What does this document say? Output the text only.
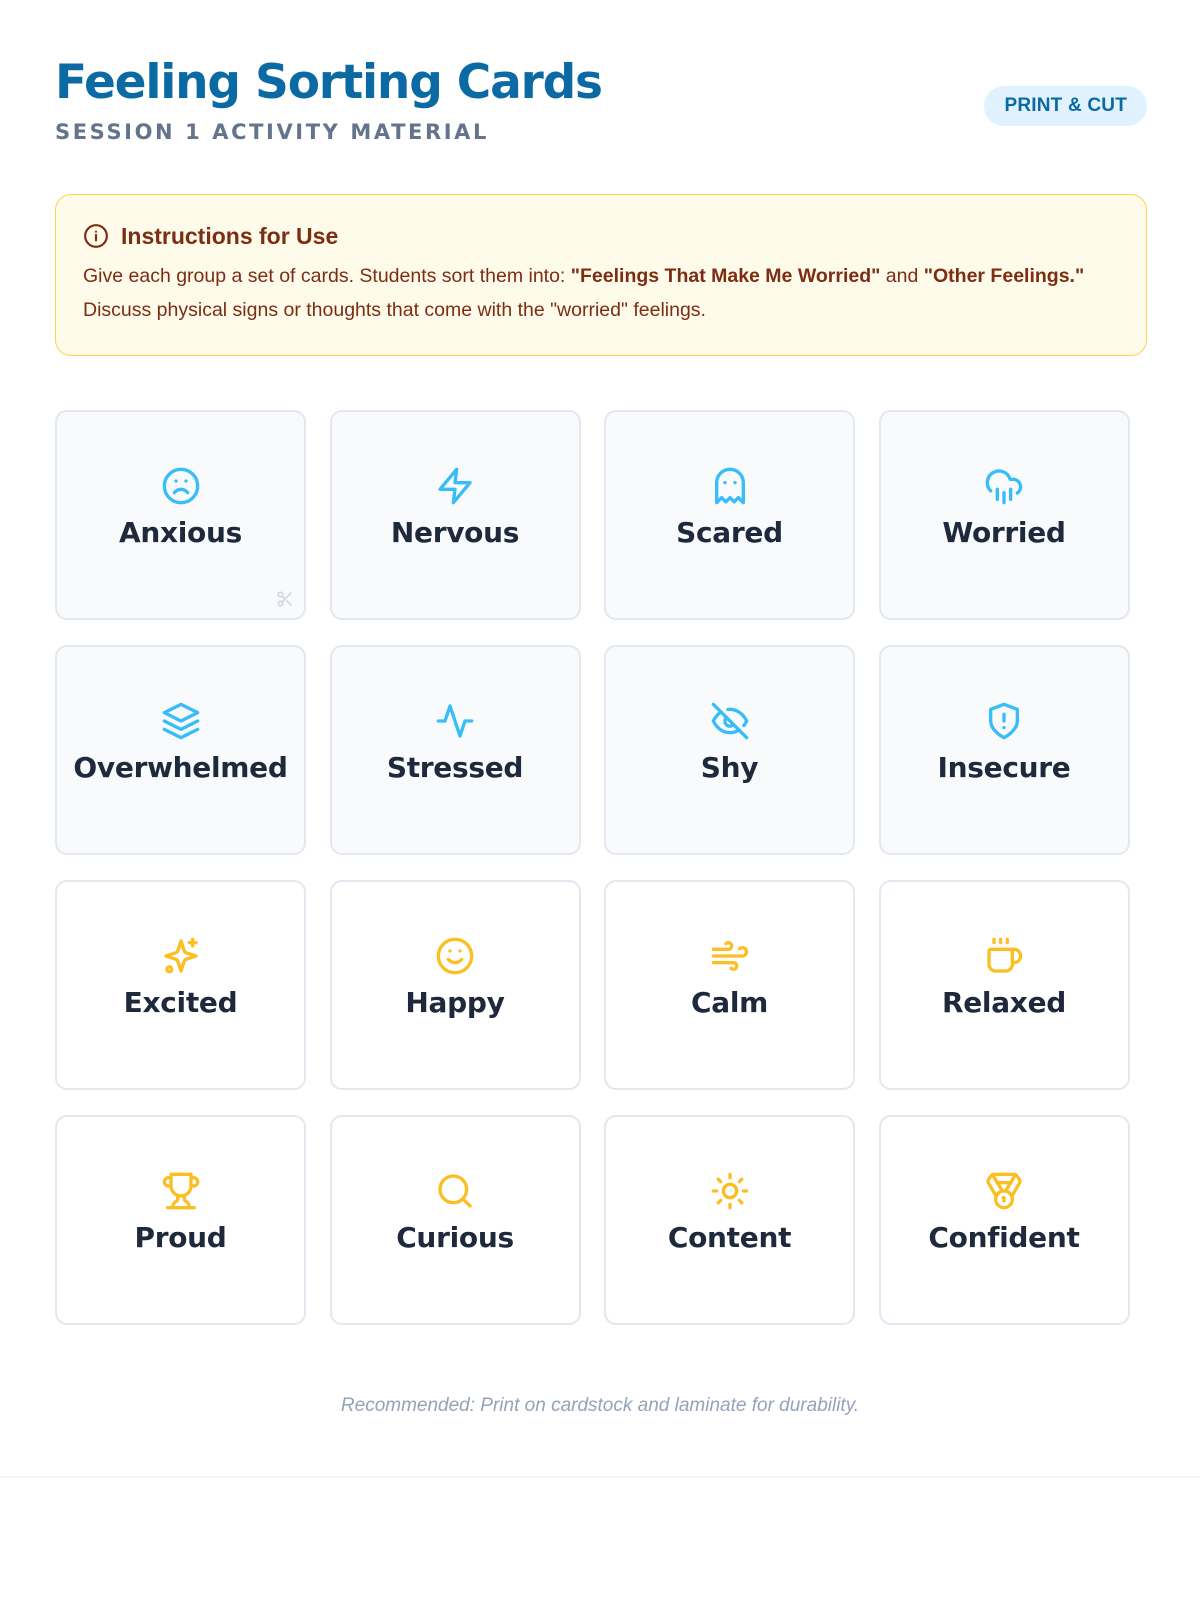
Feeling Sorting Cards
SESSION 1 ACTIVITY MATERIAL
PRINT & CUT
Instructions for Use

Give each group a set of cards. Students sort them into: "Feelings That Make Me Worried" and "Other Feelings." Discuss physical signs or thoughts that come with the "worried" feelings.

Anxious	Nervous	Scared	Worried
Overwhelmed	Stressed	Shy	Insecure
Excited	Happy	Calm	Relaxed
Proud	Curious	Content	Confident
Recommended: Print on cardstock and laminate for durability.
